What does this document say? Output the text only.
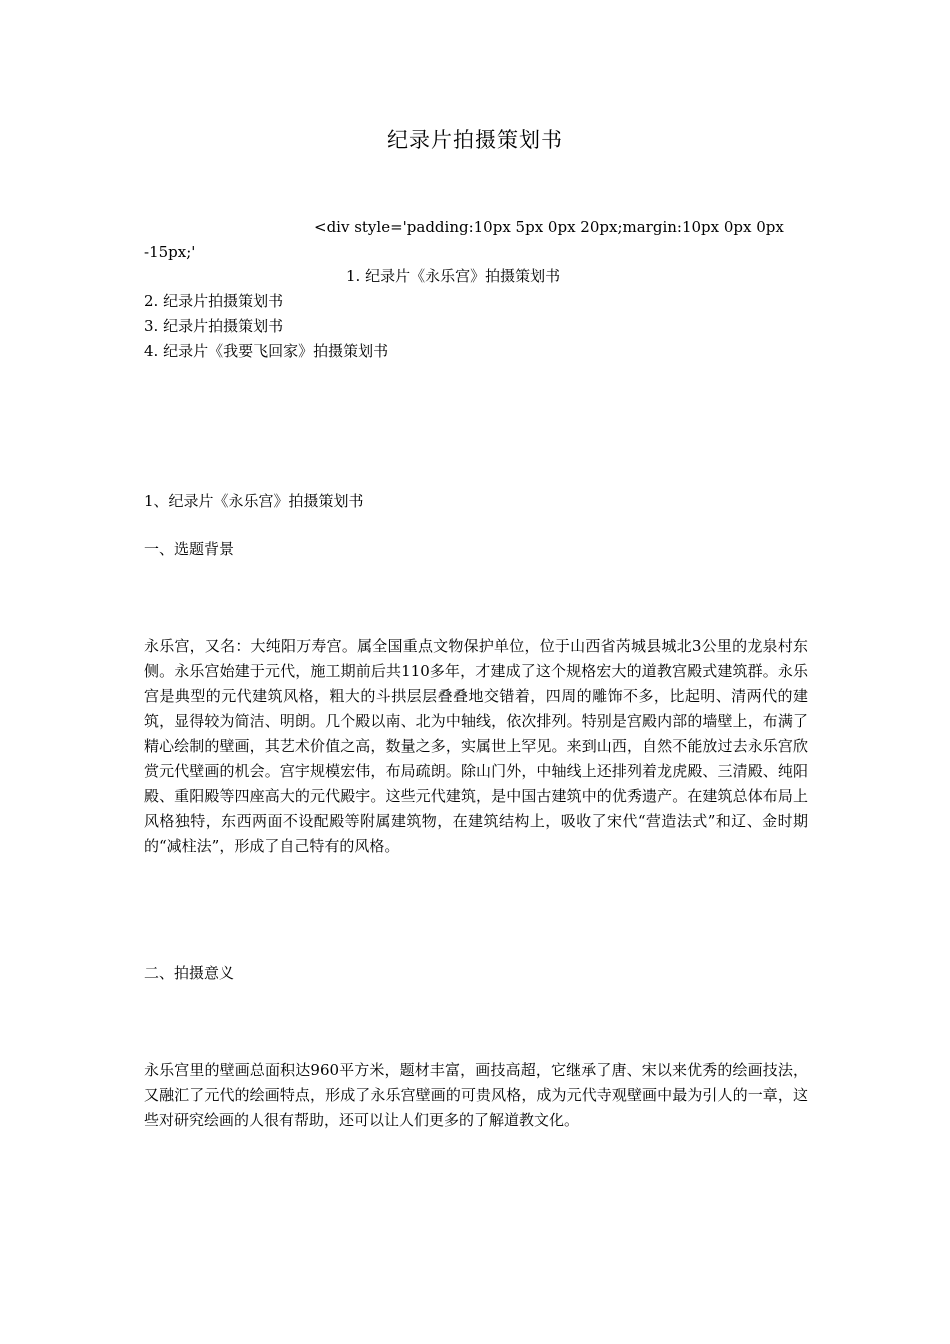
纪录片拍摄策划书
<div style='padding:10px 5px 0px 20px;margin:10px 0px 0px -15px;'
1. 纪录片《永乐宫》拍摄策划书
2. 纪录片拍摄策划书
3. 纪录片拍摄策划书
4. 纪录片《我要飞回家》拍摄策划书
1、纪录片《永乐宫》拍摄策划书
一、选题背景
永乐宫，又名：大纯阳万寿宫。属全国重点文物保护单位，位于山西省芮城县城北3公里的龙泉村东侧。永乐宫始建于元代，施工期前后共110多年，才建成了这个规格宏大的道教宫殿式建筑群。永乐宫是典型的元代建筑风格，粗大的斗拱层层叠叠地交错着，四周的雕饰不多，比起明、清两代的建筑，显得较为简洁、明朗。几个殿以南、北为中轴线，依次排列。特别是宫殿内部的墙壁上，布满了精心绘制的壁画，其艺术价值之高，数量之多，实属世上罕见。来到山西，自然不能放过去永乐宫欣赏元代壁画的机会。宫宇规模宏伟，布局疏朗。除山门外，中轴线上还排列着龙虎殿、三清殿、纯阳殿、重阳殿等四座高大的元代殿宇。这些元代建筑，是中国古建筑中的优秀遗产。在建筑总体布局上风格独特，东西两面不设配殿等附属建筑物，在建筑结构上，吸收了宋代“营造法式”和辽、金时期的“减柱法”，形成了自己特有的风格。
二、拍摄意义
永乐宫里的壁画总面积达960平方米，题材丰富，画技高超，它继承了唐、宋以来优秀的绘画技法，又融汇了元代的绘画特点，形成了永乐宫壁画的可贵风格，成为元代寺观壁画中最为引人的一章，这些对研究绘画的人很有帮助，还可以让人们更多的了解道教文化。
